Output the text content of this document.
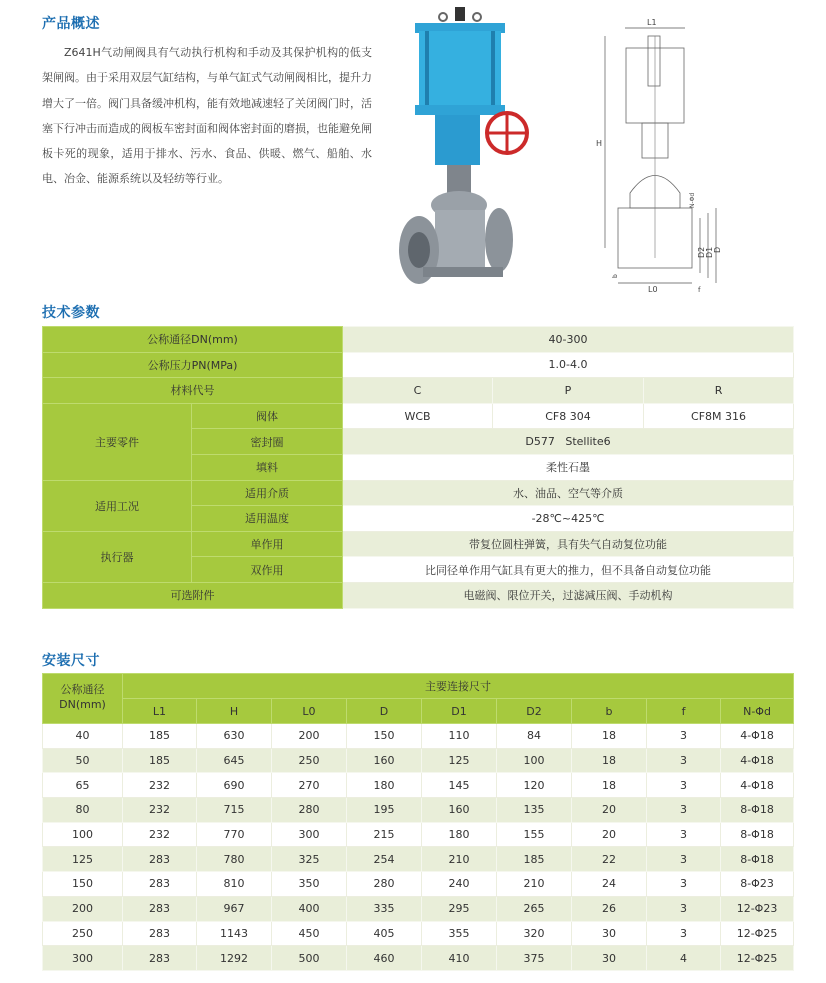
产品概述

Z641H气动闸阀具有气动执行机构和手动及其保护机构的低支架闸阀。由于采用双层气缸结构，与单气缸式气动闸阀相比，提升力增大了一倍。阀门具备缓冲机构，能有效地减速轻了关闭阀门时，活塞下行冲击而造成的阀板车密封面和阀体密封面的磨损，也能避免闸板卡死的现象，适用于排水、污水、食品、供暖、燃气、船舶、水电、冶金、能源系统以及轻纺等行业。

L1
H
L0
D2 D1 D
N-Φd
f
b
技术参数
公称通径DN(mm)		40-300		
公称压力PN(MPa)		1.0-4.0		
材料代号		C	P	R
主要零件	阀体	WCB	CF8 304	CF8M 316
	密封圈	D577   Stellite6		
	填料	柔性石墨		
适用工况	适用介质	水、油品、空气等介质		
	适用温度	-28℃~425℃		
执行器	单作用	带复位圆柱弹簧，具有失气自动复位功能		
	双作用	比同径单作用气缸具有更大的推力，但不具备自动复位功能		
可选附件		电磁阀、限位开关，过滤减压阀、手动机构		
安装尺寸
公称通径
DN(mm)	主要连接尺寸								
	L1	H	L0	D	D1	D2	b	f	N-Φd
40	185	630	200	150	110	84	18	3	4-Φ18
50	185	645	250	160	125	100	18	3	4-Φ18
65	232	690	270	180	145	120	18	3	4-Φ18
80	232	715	280	195	160	135	20	3	8-Φ18
100	232	770	300	215	180	155	20	3	8-Φ18
125	283	780	325	254	210	185	22	3	8-Φ18
150	283	810	350	280	240	210	24	3	8-Φ23
200	283	967	400	335	295	265	26	3	12-Φ23
250	283	1143	450	405	355	320	30	3	12-Φ25
300	283	1292	500	460	410	375	30	4	12-Φ25
